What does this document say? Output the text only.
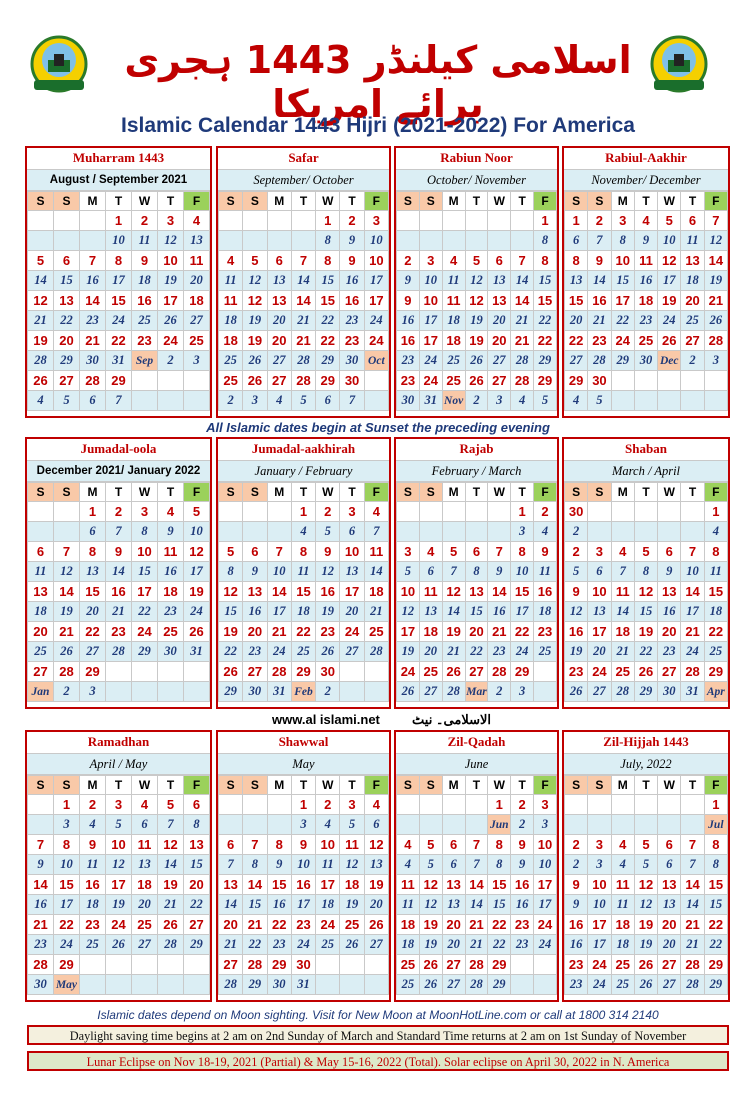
اسلامی کیلنڈر 1443 ہجری برائے امریکا
Islamic Calendar 1443 Hijri (2021-2022) For America
Muharram 1443
August / September 2021
S	S	M	T	W	T	F
			1	2	3	4
			10	11	12	13
5	6	7	8	9	10	11
14	15	16	17	18	19	20
12	13	14	15	16	17	18
21	22	23	24	25	26	27
19	20	21	22	23	24	25
28	29	30	31	Sep	2	3
26	27	28	29			
4	5	6	7			
Safar
September/ October
S	S	M	T	W	T	F
				1	2	3
				8	9	10
4	5	6	7	8	9	10
11	12	13	14	15	16	17
11	12	13	14	15	16	17
18	19	20	21	22	23	24
18	19	20	21	22	23	24
25	26	27	28	29	30	Oct
25	26	27	28	29	30	
2	3	4	5	6	7	
Rabiun Noor
October/ November
S	S	M	T	W	T	F
						1
						8
2	3	4	5	6	7	8
9	10	11	12	13	14	15
9	10	11	12	13	14	15
16	17	18	19	20	21	22
16	17	18	19	20	21	22
23	24	25	26	27	28	29
23	24	25	26	27	28	29
30	31	Nov	2	3	4	5
Rabiul-Aakhir
November/ December
S	S	M	T	W	T	F
1	2	3	4	5	6	7
6	7	8	9	10	11	12
8	9	10	11	12	13	14
13	14	15	16	17	18	19
15	16	17	18	19	20	21
20	21	22	23	24	25	26
22	23	24	25	26	27	28
27	28	29	30	Dec	2	3
29	30					
4	5					
Jumadal-oola
December 2021/ January 2022
S	S	M	T	W	T	F
		1	2	3	4	5
		6	7	8	9	10
6	7	8	9	10	11	12
11	12	13	14	15	16	17
13	14	15	16	17	18	19
18	19	20	21	22	23	24
20	21	22	23	24	25	26
25	26	27	28	29	30	31
27	28	29				
Jan	2	3				
Jumadal-aakhirah
January / February
S	S	M	T	W	T	F
			1	2	3	4
			4	5	6	7
5	6	7	8	9	10	11
8	9	10	11	12	13	14
12	13	14	15	16	17	18
15	16	17	18	19	20	21
19	20	21	22	23	24	25
22	23	24	25	26	27	28
26	27	28	29	30		
29	30	31	Feb	2		
Rajab
February / March
S	S	M	T	W	T	F
					1	2
					3	4
3	4	5	6	7	8	9
5	6	7	8	9	10	11
10	11	12	13	14	15	16
12	13	14	15	16	17	18
17	18	19	20	21	22	23
19	20	21	22	23	24	25
24	25	26	27	28	29	
26	27	28	Mar	2	3	
Shaban
March / April
S	S	M	T	W	T	F
30						1
2						4
2	3	4	5	6	7	8
5	6	7	8	9	10	11
9	10	11	12	13	14	15
12	13	14	15	16	17	18
16	17	18	19	20	21	22
19	20	21	22	23	24	25
23	24	25	26	27	28	29
26	27	28	29	30	31	Apr
Ramadhan
April / May
S	S	M	T	W	T	F
	1	2	3	4	5	6
	3	4	5	6	7	8
7	8	9	10	11	12	13
9	10	11	12	13	14	15
14	15	16	17	18	19	20
16	17	18	19	20	21	22
21	22	23	24	25	26	27
23	24	25	26	27	28	29
28	29					
30	May					
Shawwal
May
S	S	M	T	W	T	F
			1	2	3	4
			3	4	5	6
6	7	8	9	10	11	12
7	8	9	10	11	12	13
13	14	15	16	17	18	19
14	15	16	17	18	19	20
20	21	22	23	24	25	26
21	22	23	24	25	26	27
27	28	29	30			
28	29	30	31			
Zil-Qadah
June
S	S	M	T	W	T	F
				1	2	3
				Jun	2	3
4	5	6	7	8	9	10
4	5	6	7	8	9	10
11	12	13	14	15	16	17
11	12	13	14	15	16	17
18	19	20	21	22	23	24
18	19	20	21	22	23	24
25	26	27	28	29		
25	26	27	28	29		
Zil-Hijjah 1443
July, 2022
S	S	M	T	W	T	F
						1
						Jul
2	3	4	5	6	7	8
2	3	4	5	6	7	8
9	10	11	12	13	14	15
9	10	11	12	13	14	15
16	17	18	19	20	21	22
16	17	18	19	20	21	22
23	24	25	26	27	28	29
23	24	25	26	27	28	29
All Islamic dates begin at Sunset the preceding evening
www.al islami.net الاسلامی۔ نیٹ
Islamic dates depend on Moon sighting. Visit for New Moon at MoonHotLine.com or call at 1800 314 2140
Daylight saving time begins at 2 am on 2nd Sunday of March and Standard Time returns at 2 am on 1st Sunday of November
Lunar Eclipse on Nov 18-19, 2021 (Partial) & May 15-16, 2022 (Total). Solar eclipse on April 30, 2022 in N. America
